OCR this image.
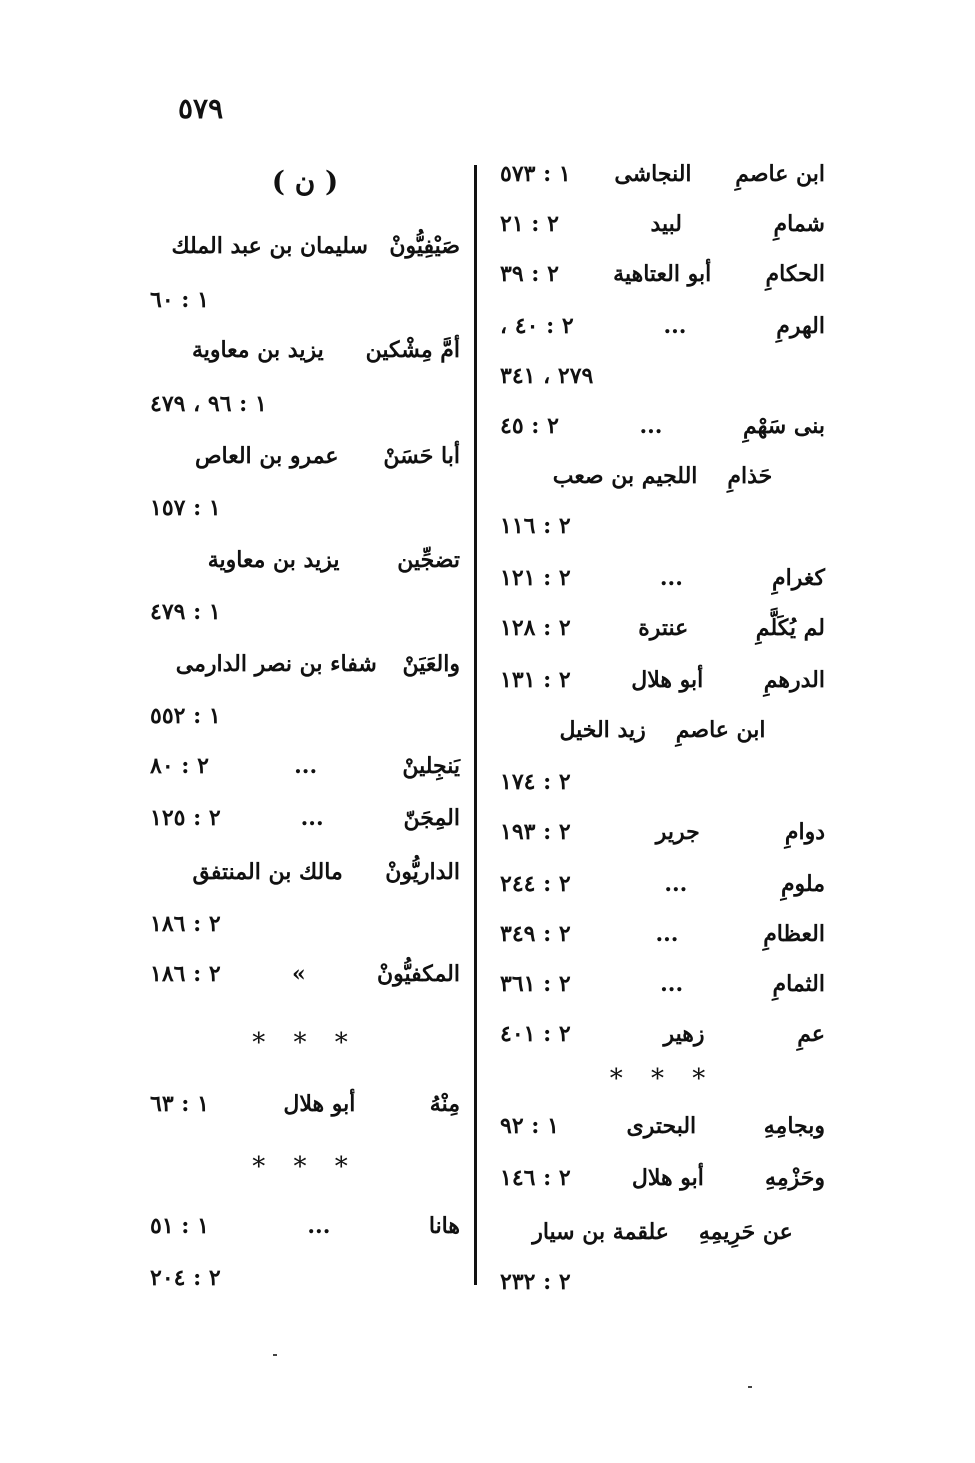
٥٧٩
( ن )
صَيْفِيُّونْ
سليمان بن عبد الملك
١ : ٦٠
أمَّ مِشْكين
يزيد بن معاوية
١ : ٩٦ ، ٤٧٩
أبا حَسَنْ
عمرو بن العاص
١ : ١٥٧
تضجِّين
يزيد بن معاوية
١ : ٤٧٩
والعَيَنْ
شفاء بن نصر الدارمى
١ : ٥٥٢
يَنجِلينْ
...
٢ : ٨٠
المِجَنّ
...
٢ : ١٢٥
الداريُّونْ
مالك بن المنتفق
٢ : ١٨٦
المكفيُّونْ
»
٢ : ١٨٦
* * *
مِنْهُ
أبو هلال
١ : ٦٣
* * *
هانا
...
١ : ٥١
٢ : ٢٠٤
ابن عاصمِ
النجاشى
١ : ٥٧٣
شمامِ
لبيد
٢ : ٢١
الحكامِ
أبو العتاهية
٢ : ٣٩
الهرمِ
...
٢ : ٤٠ ،
٢٧٩ ، ٣٤١
بنى سَهْمِ
...
٢ : ٤٥
حَذامِ
اللجيم بن صعب
٢ : ١١٦
كغرامِ
...
٢ : ١٢١
لم يُكَلَّمِ
عنترة
٢ : ١٢٨
الدرهمِ
أبو هلال
٢ : ١٣١
ابن عاصمِ
زيد الخيل
٢ : ١٧٤
دوامِ
جرير
٢ : ١٩٣
ملومِ
...
٢ : ٢٤٤
العظامِ
...
٢ : ٣٤٩
الثمامِ
...
٢ : ٣٦١
عمِ
زهير
٢ : ٤٠١
* * *
وبجامِهِ
البحترى
١ : ٩٢
وحَزْمِهِ
أبو هلال
٢ : ١٤٦
عن حَرِيمِهِ
علقمة بن سيار
٢ : ٢٣٢
